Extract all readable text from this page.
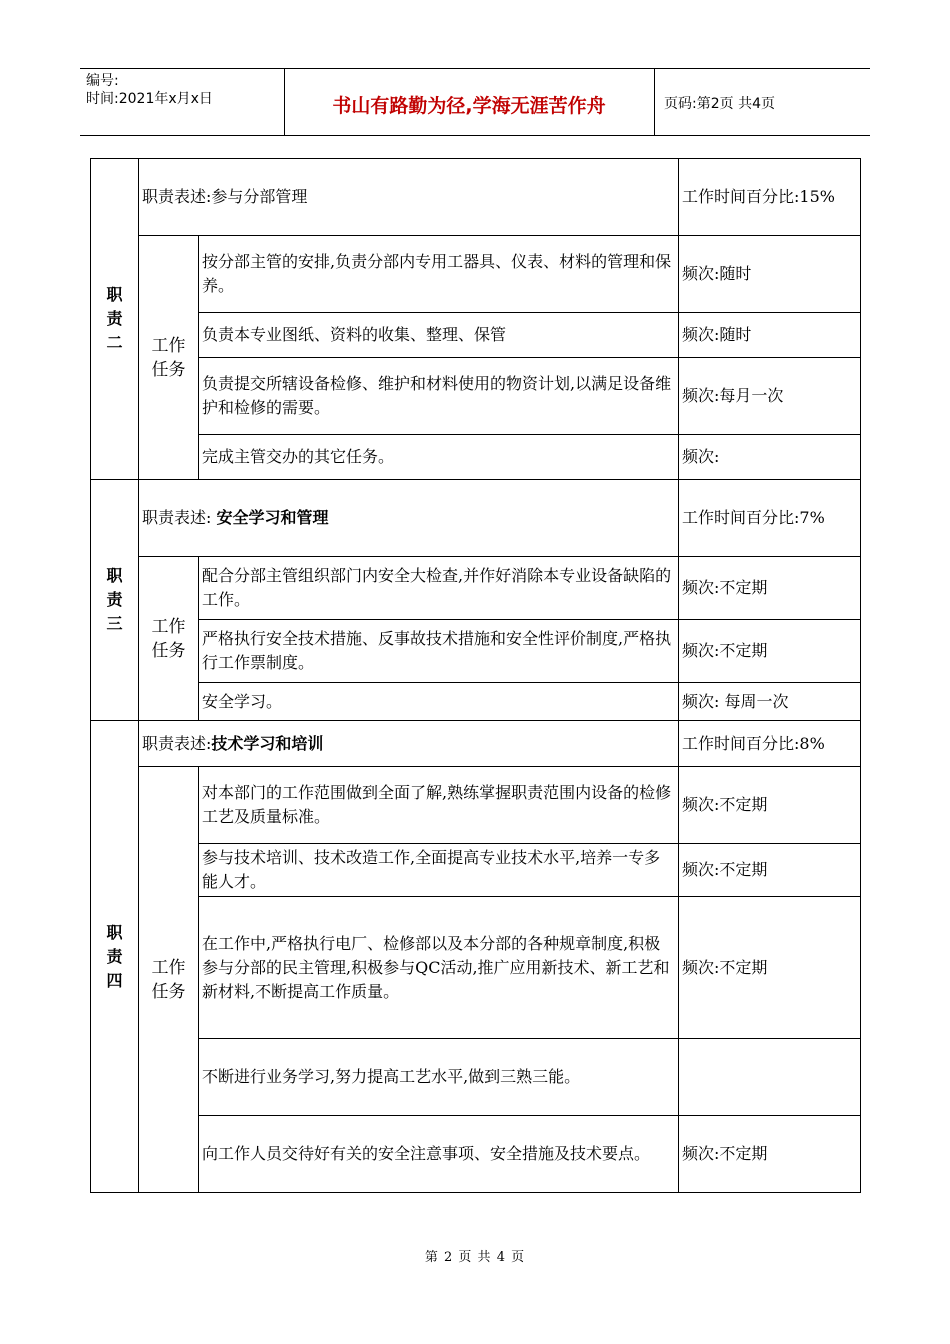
编号:
时间:2021年x月x日	书山有路勤为径,学海无涯苦作舟	页码:第2页 共4页
职
责
二	职责表述:参与分部管理		工作时间百分比:15%

	工作
任务	按分部主管的安排,负责分部内专用工器具、仪表、材料的管理和保养。	频次:随时
		负责本专业图纸、资料的收集、整理、保管	频次:随时
		负责提交所辖设备检修、维护和材料使用的物资计划,以满足设备维护和检修的需要。	频次:每月一次
		完成主管交办的其它任务。	频次:

职
责
三	职责表述: 安全学习和管理		工作时间百分比:7%

	工作
任务	配合分部主管组织部门内安全大检查,并作好消除本专业设备缺陷的工作。	频次:不定期
		严格执行安全技术措施、反事故技术措施和安全性评价制度,严格执行工作票制度。	频次:不定期
		安全学习。	频次: 每周一次

职
责
四	职责表述:技术学习和培训		工作时间百分比:8%

	工作
任务	对本部门的工作范围做到全面了解,熟练掌握职责范围内设备的检修工艺及质量标准。	频次:不定期
		参与技术培训、技术改造工作,全面提高专业技术水平,培养一专多能人才。	频次:不定期
		在工作中,严格执行电厂、检修部以及本分部的各种规章制度,积极参与分部的民主管理,积极参与QC活动,推广应用新技术、新工艺和新材料,不断提高工作质量。	频次:不定期
		不断进行业务学习,努力提高工艺水平,做到三熟三能。	
		向工作人员交待好有关的安全注意事项、安全措施及技术要点。	频次:不定期
第 2 页 共 4 页
